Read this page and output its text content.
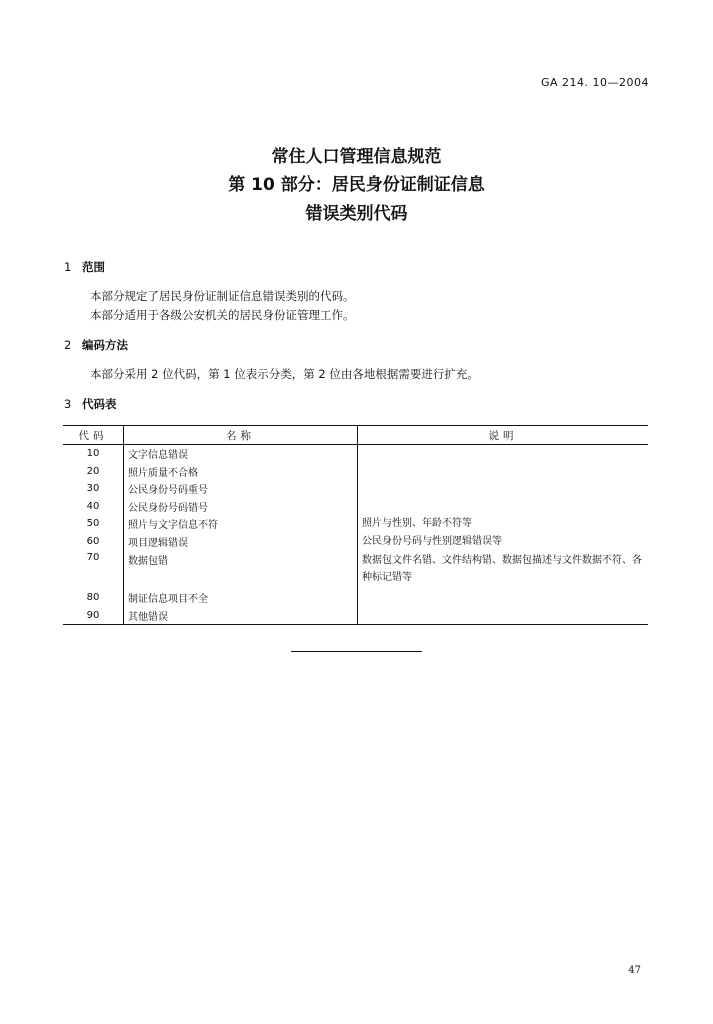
GA 214. 10—2004
常住人口管理信息规范
第 10 部分：居民身份证制证信息
错误类别代码
1 范围
本部分规定了居民身份证制证信息错误类别的代码。
本部分适用于各级公安机关的居民身份证管理工作。
2 编码方法
本部分采用 2 位代码，第 1 位表示分类，第 2 位由各地根据需要进行扩充。
3 代码表
代码	名称	说明
10	文字信息错误	
20	照片质量不合格	
30	公民身份号码重号	
40	公民身份号码错号	
50	照片与文字信息不符	照片与性别、年龄不符等
60	项目逻辑错误	公民身份号码与性别逻辑错误等
70	数据包错	数据包文件名错、文件结构错、数据包描述与文件数据不符、各种标记错等
80	制证信息项目不全	
90	其他错误	
47
